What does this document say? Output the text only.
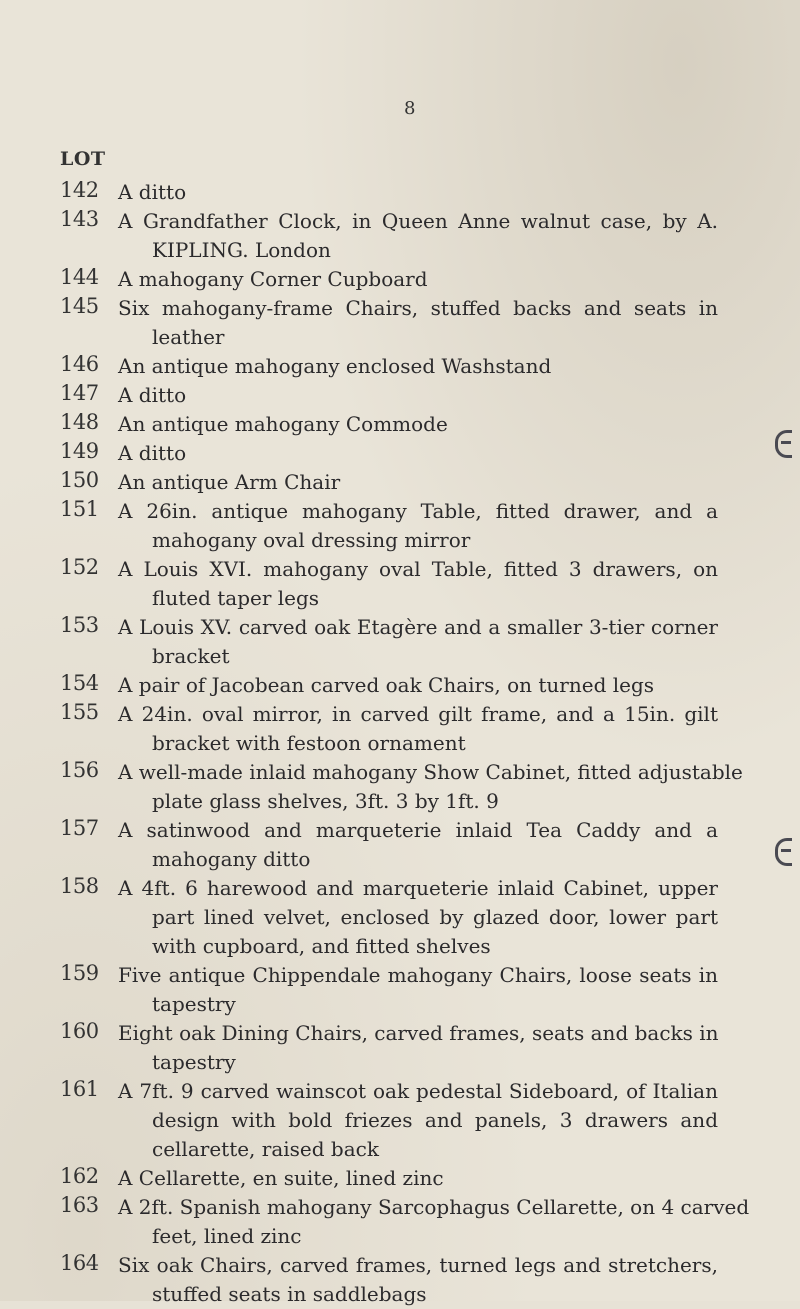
8
LOT
142 A ditto
143 A Grandfather Clock, in Queen Anne walnut case, by A.
KIPLING. London
144 A mahogany Corner Cupboard
145 Six mahogany-frame Chairs, stuffed backs and seats in
leather
146 An antique mahogany enclosed Washstand
147 A ditto
148 An antique mahogany Commode
149 A ditto
150 An antique Arm Chair
151 A 26in. antique mahogany Table, fitted drawer, and a
mahogany oval dressing mirror
152 A Louis XVI. mahogany oval Table, fitted 3 drawers, on
fluted taper legs
153 A Louis XV. carved oak Etagère and a smaller 3-tier corner
bracket
154 A pair of Jacobean carved oak Chairs, on turned legs
155 A 24in. oval mirror, in carved gilt frame, and a 15in. gilt
bracket with festoon ornament
156 A well-made inlaid mahogany Show Cabinet, fitted adjustable
plate glass shelves, 3ft. 3 by 1ft. 9
157 A satinwood and marqueterie inlaid Tea Caddy and a
mahogany ditto
158 A 4ft. 6 harewood and marqueterie inlaid Cabinet, upper
part lined velvet, enclosed by glazed door, lower part
with cupboard, and fitted shelves
159 Five antique Chippendale mahogany Chairs, loose seats in
tapestry
160 Eight oak Dining Chairs, carved frames, seats and backs in
tapestry
161 A 7ft. 9 carved wainscot oak pedestal Sideboard, of Italian
design with bold friezes and panels, 3 drawers and
cellarette, raised back
162 A Cellarette, en suite, lined zinc
163 A 2ft. Spanish mahogany Sarcophagus Cellarette, on 4 carved
feet, lined zinc
164 Six oak Chairs, carved frames, turned legs and stretchers,
stuffed seats in saddlebags
